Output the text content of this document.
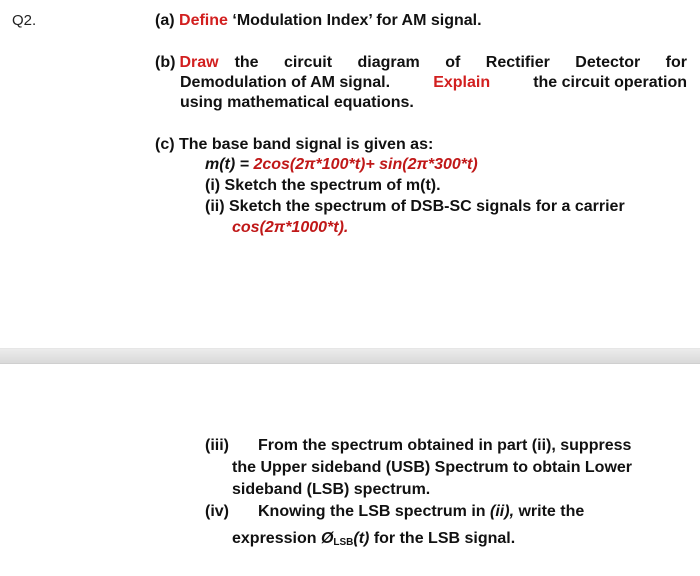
Q2.	(a) Define ‘Modulation Index’ for AM signal.
(b) Draw the circuit diagram of Rectifier Detector for
Demodulation of AM signal.	Explain	the circuit operation
using mathematical equations.
(c) The base band signal is given as:
m(t) = 2cos(2π*100*t)+ sin(2π*300*t)
(i) Sketch the spectrum of m(t).
(ii) Sketch the spectrum of DSB-SC signals for a carrier
cos(2π*1000*t).
(iii) From the spectrum obtained in part (ii), suppress
the Upper sideband (USB) Spectrum to obtain Lower
sideband (LSB) spectrum.
(iv) Knowing the LSB spectrum in (ii), write the
expression $Ø_{LSB}(t)$ for the LSB signal.
